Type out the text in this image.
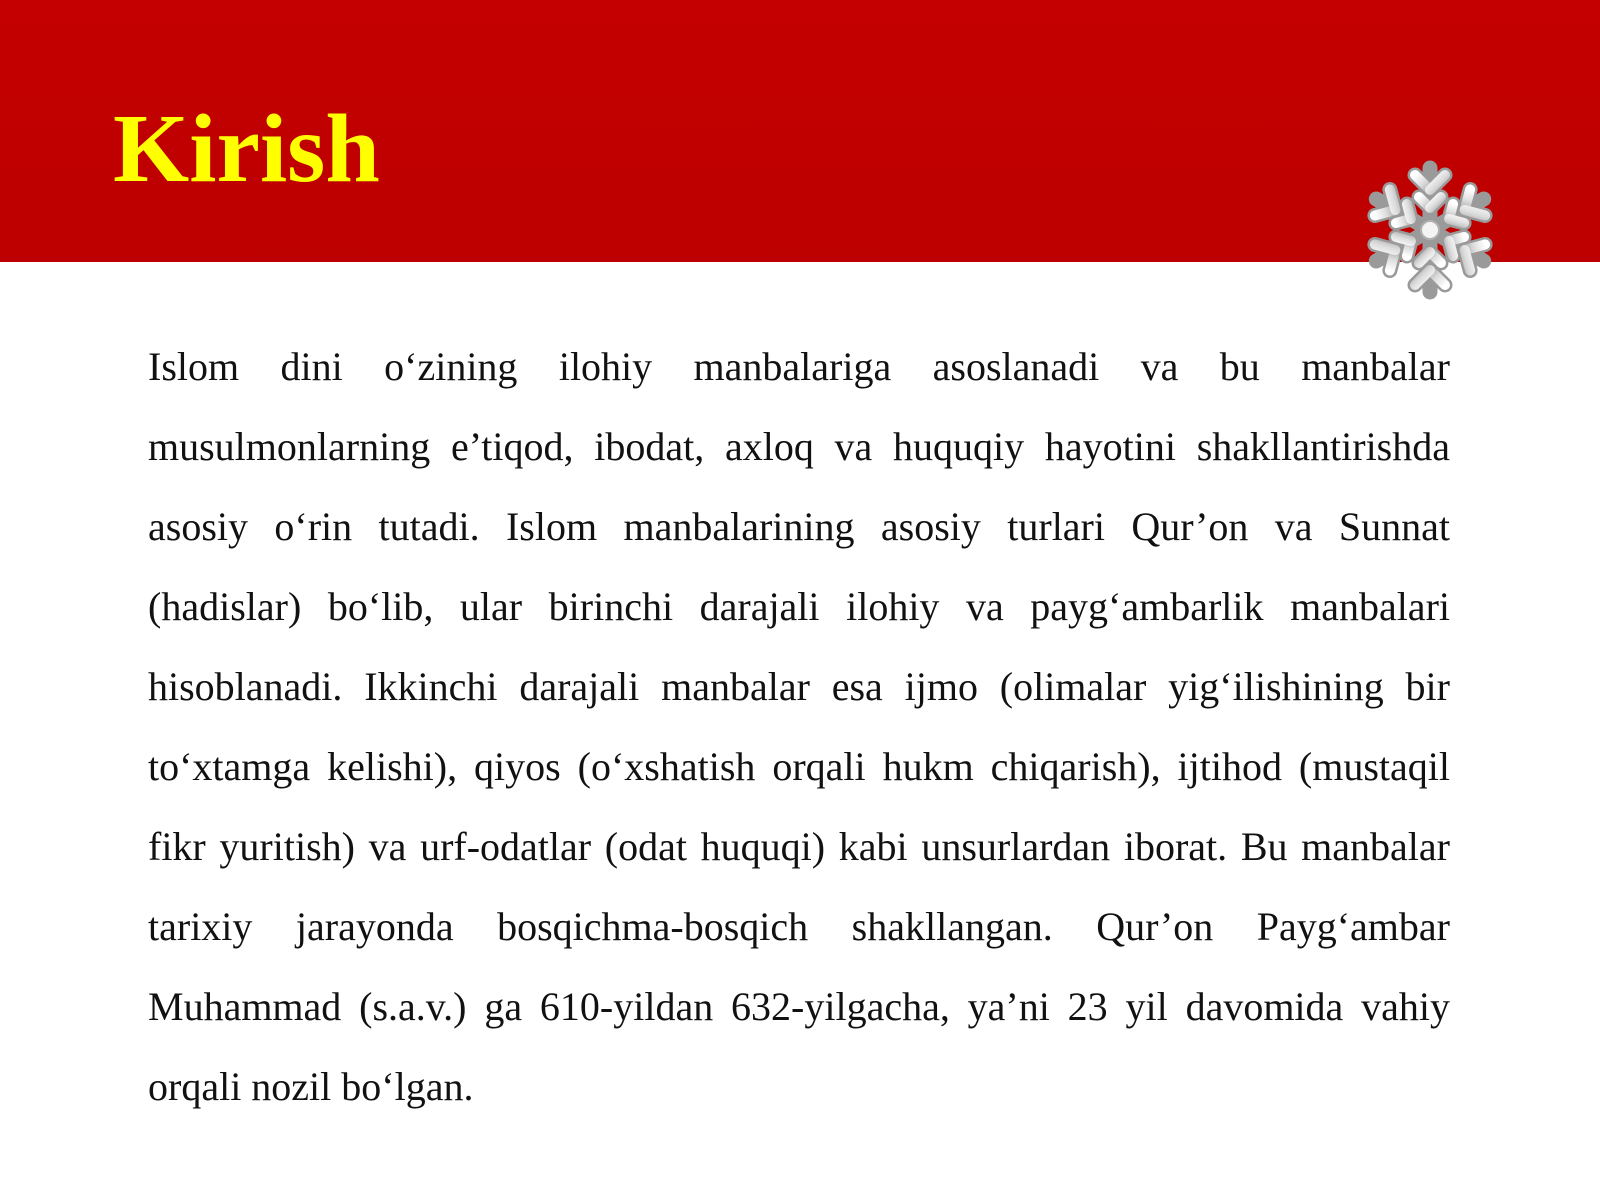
Kirish

Islom dini o‘zining ilohiy manbalariga asoslanadi va bu manbalar musulmonlarning e’tiqod, ibodat, axloq va huquqiy hayotini shakllantirishda asosiy o‘rin tutadi. Islom manbalarining asosiy turlari Qur’on va Sunnat (hadislar) bo‘lib, ular birinchi darajali ilohiy va payg‘ambarlik manbalari hisoblanadi. Ikkinchi darajali manbalar esa ijmo (olimalar yig‘ilishining bir to‘xtamga kelishi), qiyos (o‘xshatish orqali hukm chiqarish), ijtihod (mustaqil fikr yuritish) va urf-odatlar (odat huquqi) kabi unsurlardan iborat. Bu manbalar tarixiy jarayonda bosqichma-bosqich shakllangan. Qur’on Payg‘ambar Muhammad (s.a.v.) ga 610-yildan 632-yilgacha, ya’ni 23 yil davomida vahiy orqali nozil bo‘lgan.
